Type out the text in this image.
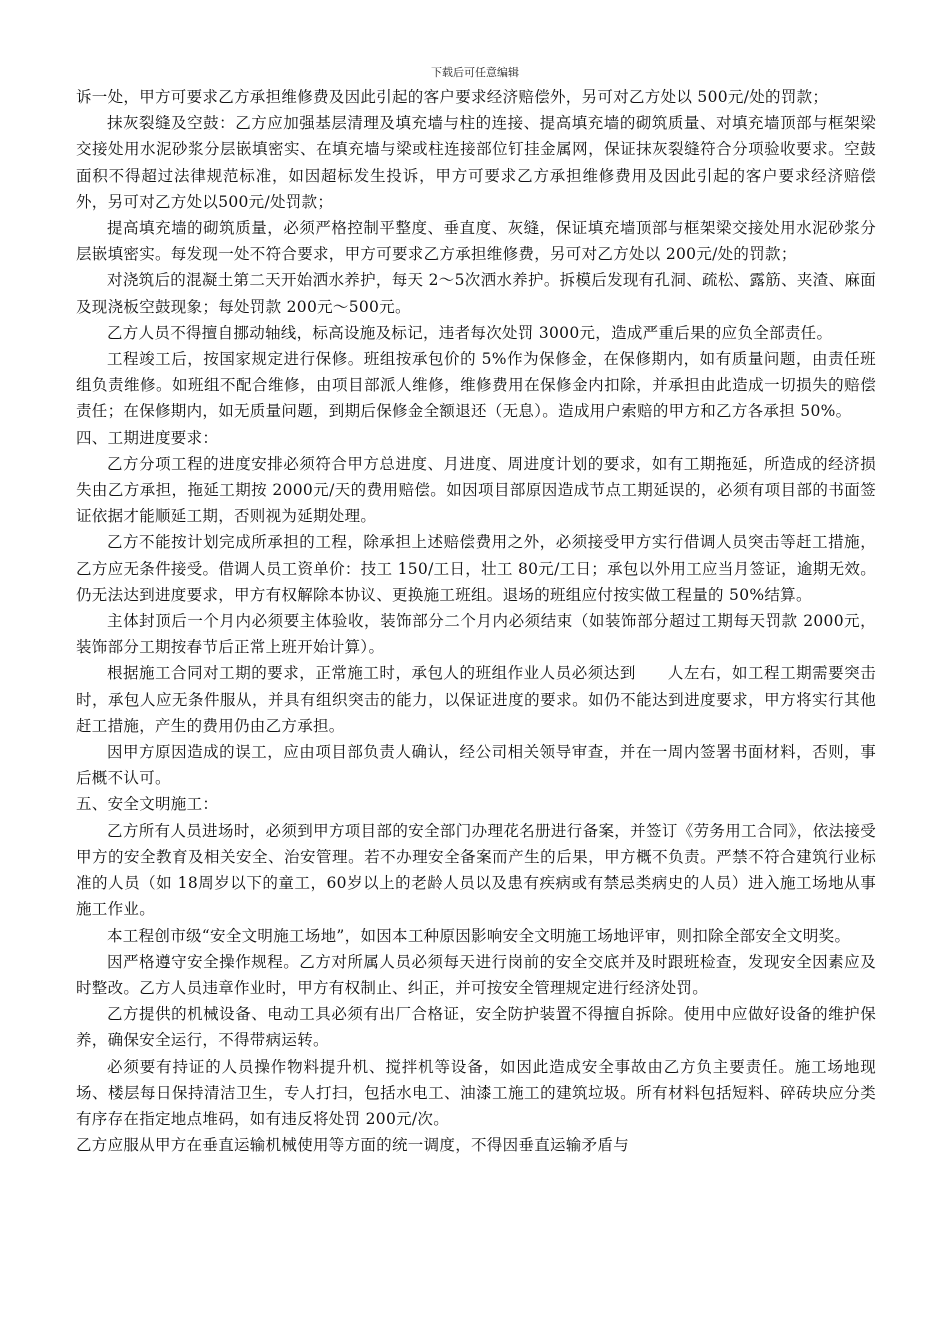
下载后可任意编辑

诉一处，甲方可要求乙方承担维修费及因此引起的客户要求经济赔偿外，另可对乙方处以 500元/处的罚款；

抹灰裂缝及空鼓：乙方应加强基层清理及填充墙与柱的连接、提高填充墙的砌筑质量、对填充墙顶部与框架梁交接处用水泥砂浆分层嵌填密实、在填充墙与梁或柱连接部位钉挂金属网，保证抹灰裂缝符合分项验收要求。空鼓面积不得超过法律规范标准，如因超标发生投诉，甲方可要求乙方承担维修费用及因此引起的客户要求经济赔偿外，另可对乙方处以500元/处罚款；

提高填充墙的砌筑质量，必须严格控制平整度、垂直度、灰缝，保证填充墙顶部与框架梁交接处用水泥砂浆分层嵌填密实。每发现一处不符合要求，甲方可要求乙方承担维修费，另可对乙方处以 200元/处的罚款；

对浇筑后的混凝土第二天开始洒水养护，每天 2～5次洒水养护。拆模后发现有孔洞、疏松、露筋、夹渣、麻面及现浇板空鼓现象；每处罚款 200元～500元。

乙方人员不得擅自挪动轴线，标高设施及标记，违者每次处罚 3000元，造成严重后果的应负全部责任。

工程竣工后，按国家规定进行保修。班组按承包价的 5%作为保修金，在保修期内，如有质量问题，由责任班组负责维修。如班组不配合维修，由项目部派人维修，维修费用在保修金内扣除，并承担由此造成一切损失的赔偿责任；在保修期内，如无质量问题，到期后保修金全额退还（无息）。造成用户索赔的甲方和乙方各承担 50%。

四、工期进度要求：

乙方分项工程的进度安排必须符合甲方总进度、月进度、周进度计划的要求，如有工期拖延，所造成的经济损失由乙方承担，拖延工期按 2000元/天的费用赔偿。如因项目部原因造成节点工期延误的，必须有项目部的书面签证依据才能顺延工期，否则视为延期处理。

乙方不能按计划完成所承担的工程，除承担上述赔偿费用之外，必须接受甲方实行借调人员突击等赶工措施，乙方应无条件接受。借调人员工资单价：技工 150/工日，壮工 80元/工日；承包以外用工应当月签证，逾期无效。仍无法达到进度要求，甲方有权解除本协议、更换施工班组。退场的班组应付按实做工程量的 50%结算。

主体封顶后一个月内必须要主体验收，装饰部分二个月内必须结束（如装饰部分超过工期每天罚款 2000元，装饰部分工期按春节后正常上班开始计算）。

根据施工合同对工期的要求，正常施工时，承包人的班组作业人员必须达到　　人左右，如工程工期需要突击时，承包人应无条件服从，并具有组织突击的能力，以保证进度的要求。如仍不能达到进度要求，甲方将实行其他赶工措施，产生的费用仍由乙方承担。

因甲方原因造成的误工，应由项目部负责人确认，经公司相关领导审查，并在一周内签署书面材料，否则，事后概不认可。

五、安全文明施工：

乙方所有人员进场时，必须到甲方项目部的安全部门办理花名册进行备案，并签订《劳务用工合同》，依法接受甲方的安全教育及相关安全、治安管理。若不办理安全备案而产生的后果，甲方概不负责。严禁不符合建筑行业标准的人员（如 18周岁以下的童工，60岁以上的老龄人员以及患有疾病或有禁忌类病史的人员）进入施工场地从事施工作业。

本工程创市级“安全文明施工场地”，如因本工种原因影响安全文明施工场地评审，则扣除全部安全文明奖。

因严格遵守安全操作规程。乙方对所属人员必须每天进行岗前的安全交底并及时跟班检查，发现安全因素应及时整改。乙方人员违章作业时，甲方有权制止、纠正，并可按安全管理规定进行经济处罚。

乙方提供的机械设备、电动工具必须有出厂合格证，安全防护装置不得擅自拆除。使用中应做好设备的维护保养，确保安全运行，不得带病运转。

必须要有持证的人员操作物料提升机、搅拌机等设备，如因此造成安全事故由乙方负主要责任。施工场地现场、楼层每日保持清洁卫生，专人打扫，包括水电工、油漆工施工的建筑垃圾。所有材料包括短料、碎砖块应分类有序存在指定地点堆码，如有违反将处罚 200元/次。

乙方应服从甲方在垂直运输机械使用等方面的统一调度，不得因垂直运输矛盾与
